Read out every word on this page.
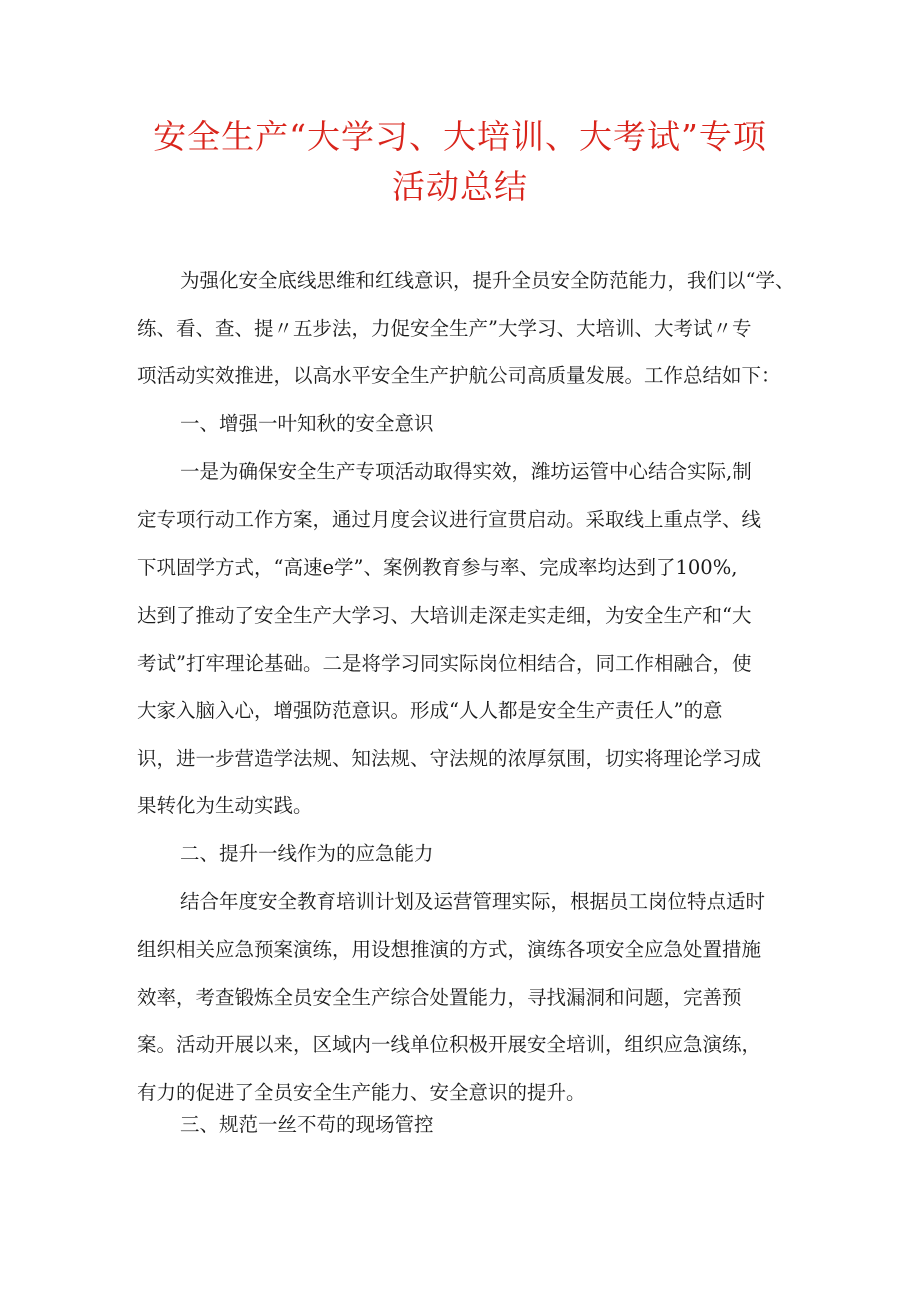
安全生产“大学习、大培训、大考试”专项
活动总结

为强化安全底线思维和红线意识，提升全员安全防范能力，我们以“学、

练、看、查、提〃五步法，力促安全生产”大学习、大培训、大考试〃专

项活动实效推进，以高水平安全生产护航公司高质量发展。工作总结如下：

一、增强一叶知秋的安全意识

一是为确保安全生产专项活动取得实效，潍坊运管中心结合实际,制

定专项行动工作方案，通过月度会议进行宣贯启动。采取线上重点学、线

下巩固学方式，“高速e学”、案例教育参与率、完成率均达到了100%,

达到了推动了安全生产大学习、大培训走深走实走细，为安全生产和“大

考试”打牢理论基础。二是将学习同实际岗位相结合，同工作相融合，使

大家入脑入心，增强防范意识。形成“人人都是安全生产责任人”的意

识，进一步营造学法规、知法规、守法规的浓厚氛围，切实将理论学习成

果转化为生动实践。

二、提升一线作为的应急能力

结合年度安全教育培训计划及运营管理实际，根据员工岗位特点适时

组织相关应急预案演练，用设想推演的方式，演练各项安全应急处置措施

效率，考查锻炼全员安全生产综合处置能力，寻找漏洞和问题，完善预

案。活动开展以来，区域内一线单位积极开展安全培训，组织应急演练，

有力的促进了全员安全生产能力、安全意识的提升。

三、规范一丝不苟的现场管控
